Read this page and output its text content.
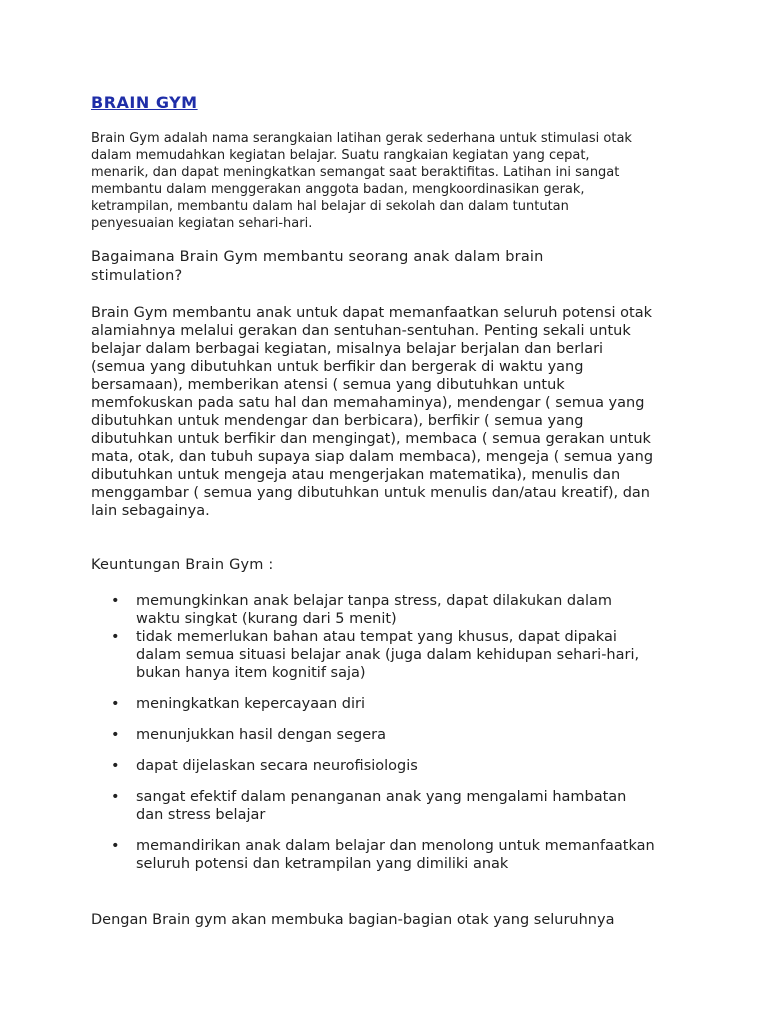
BRAIN GYM

Brain Gym adalah nama serangkaian latihan gerak sederhana untuk stimulasi otak
dalam memudahkan kegiatan belajar. Suatu rangkaian kegiatan yang cepat,
menarik, dan dapat meningkatkan semangat saat beraktifitas. Latihan ini sangat
membantu dalam menggerakan anggota badan, mengkoordinasikan gerak,
ketrampilan, membantu dalam hal belajar di sekolah dan dalam tuntutan
penyesuaian kegiatan sehari-hari.

Bagaimana Brain Gym membantu seorang anak dalam brain
stimulation?

Brain Gym membantu anak untuk dapat memanfaatkan seluruh potensi otak
alamiahnya melalui gerakan dan sentuhan-sentuhan. Penting sekali untuk
belajar dalam berbagai kegiatan, misalnya belajar berjalan dan berlari
(semua yang dibutuhkan untuk berfikir dan bergerak di waktu yang
bersamaan), memberikan atensi ( semua yang dibutuhkan untuk
memfokuskan pada satu hal dan memahaminya), mendengar ( semua yang
dibutuhkan untuk mendengar dan berbicara), berfikir ( semua yang
dibutuhkan untuk berfikir dan mengingat), membaca ( semua gerakan untuk
mata, otak, dan tubuh supaya siap dalam membaca), mengeja ( semua yang
dibutuhkan untuk mengeja atau mengerjakan matematika), menulis dan
menggambar ( semua yang dibutuhkan untuk menulis dan/atau kreatif), dan
lain sebagainya.

Keuntungan Brain Gym :
• memungkinkan anak belajar tanpa stress, dapat dilakukan dalam
waktu singkat (kurang dari 5 menit)
• tidak memerlukan bahan atau tempat yang khusus, dapat dipakai
dalam semua situasi belajar anak (juga dalam kehidupan sehari-hari,
bukan hanya item kognitif saja)
• meningkatkan kepercayaan diri
• menunjukkan hasil dengan segera
• dapat dijelaskan secara neurofisiologis
• sangat efektif dalam penanganan anak yang mengalami hambatan
dan stress belajar
• memandirikan anak dalam belajar dan menolong untuk memanfaatkan
seluruh potensi dan ketrampilan yang dimiliki anak

Dengan Brain gym akan membuka bagian-bagian otak yang seluruhnya
